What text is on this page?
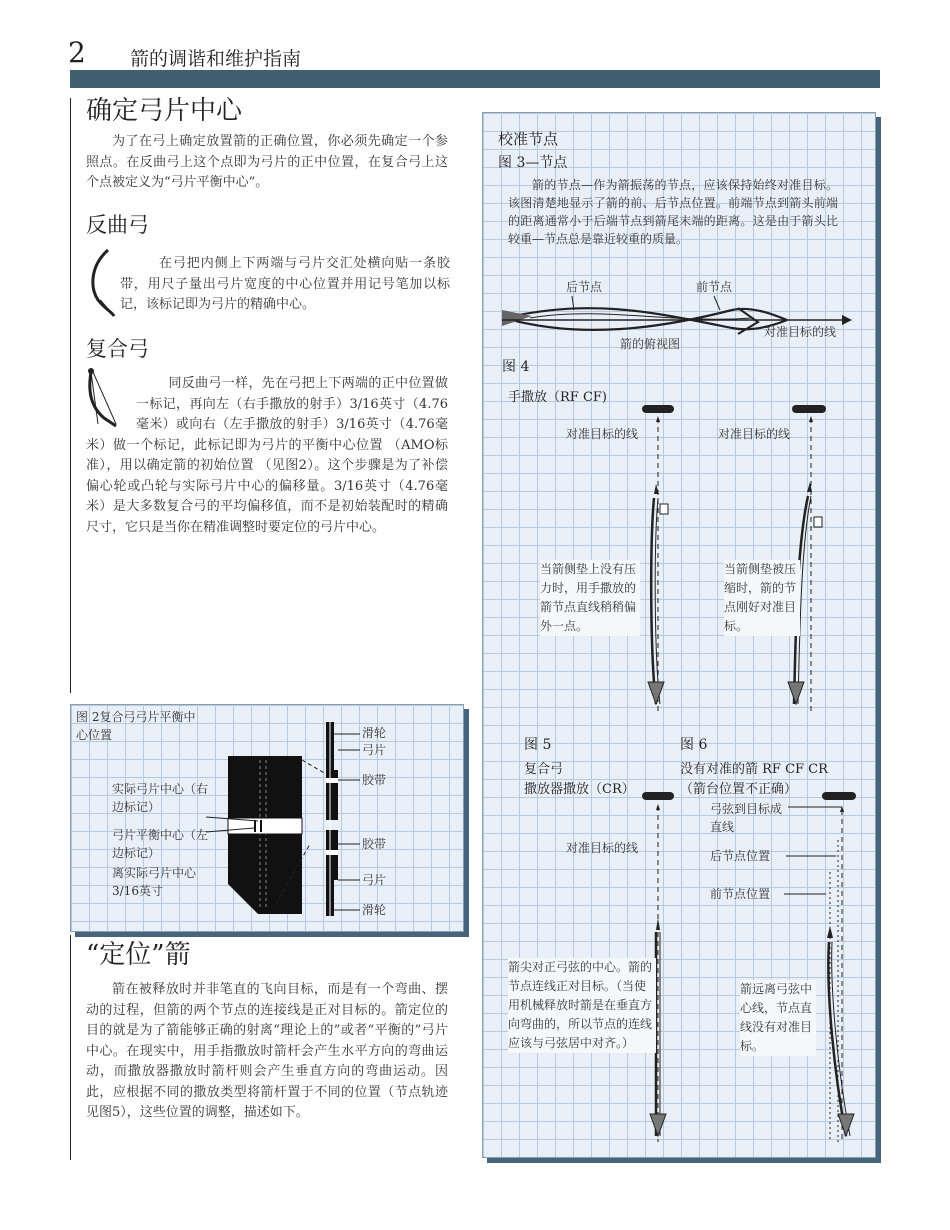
2 箭的调谐和维护指南
确定弓片中心

为了在弓上确定放置箭的正确位置，你必须先确定一个参照点。在反曲弓上这个点即为弓片的正中位置，在复合弓上这个点被定义为“弓片平衡中心”。

反曲弓

在弓把内侧上下两端与弓片交汇处横向贴一条胶带，用尺子量出弓片宽度的中心位置并用记号笔加以标记，该标记即为弓片的精确中心。

复合弓
同反曲弓一样，先在弓把上下两端的正中位置做一标记，再向左（右手撒放的射手）3/16英寸（4.76毫米）或向右（左手撒放的射手）3/16英寸（4.76毫米）做一个标记，此标记即为弓片的平衡中心位置 （AMO标准），用以确定箭的初始位置 （见图2）。这个步骤是为了补偿偏心轮或凸轮与实际弓片中心的偏移量。3/16英寸（4.76毫米）是大多数复合弓的平均偏移值，而不是初始装配时的精确尺寸，它只是当你在精准调整时要定位的弓片中心。
图 2复合弓弓片平衡中心位置
实际弓片中心（右边标记）
弓片平衡中心（左边标记）
离实际弓片中心 3/16英寸
滑轮
弓片
胶带
胶带
弓片
滑轮
“定位”箭

箭在被释放时并非笔直的飞向目标，而是有一个弯曲、摆动的过程，但箭的两个节点的连接线是正对目标的。箭定位的目的就是为了箭能够正确的射离“理论上的”或者“平衡的”弓片中心。在现实中，用手指撒放时箭杆会产生水平方向的弯曲运动，而撒放器撒放时箭杆则会产生垂直方向的弯曲运动。因此，应根据不同的撒放类型将箭杆置于不同的位置（节点轨迹见图5），这些位置的调整，描述如下。

校准节点
图 3—节点

箭的节点—作为箭振荡的节点，应该保持始终对准目标。该图清楚地显示了箭的前、后节点位置。前端节点到箭头前端的距离通常小于后端节点到箭尾末端的距离。这是由于箭头比较重—节点总是靠近较重的质量。

后节点	前节点
对准目标的线
箭的俯视图
图 4
手撒放（RF CF)
对准目标的线	对准目标的线
当箭侧垫上没有压力时，用手撒放的箭节点直线稍稍偏外一点。
当箭侧垫被压缩时，箭的节点刚好对准目标。
图 5	图 6
复合弓
撒放器撒放（CR）
没有对准的箭 RF CF CR
（箭台位置不正确）
弓弦到目标成直线
对准目标的线
后节点位置
前节点位置
箭尖对正弓弦的中心。箭的节点连线正对目标。（当使用机械释放时箭是在垂直方向弯曲的，所以节点的连线应该与弓弦居中对齐。）
箭远离弓弦中心线，节点直线没有对准目标。
